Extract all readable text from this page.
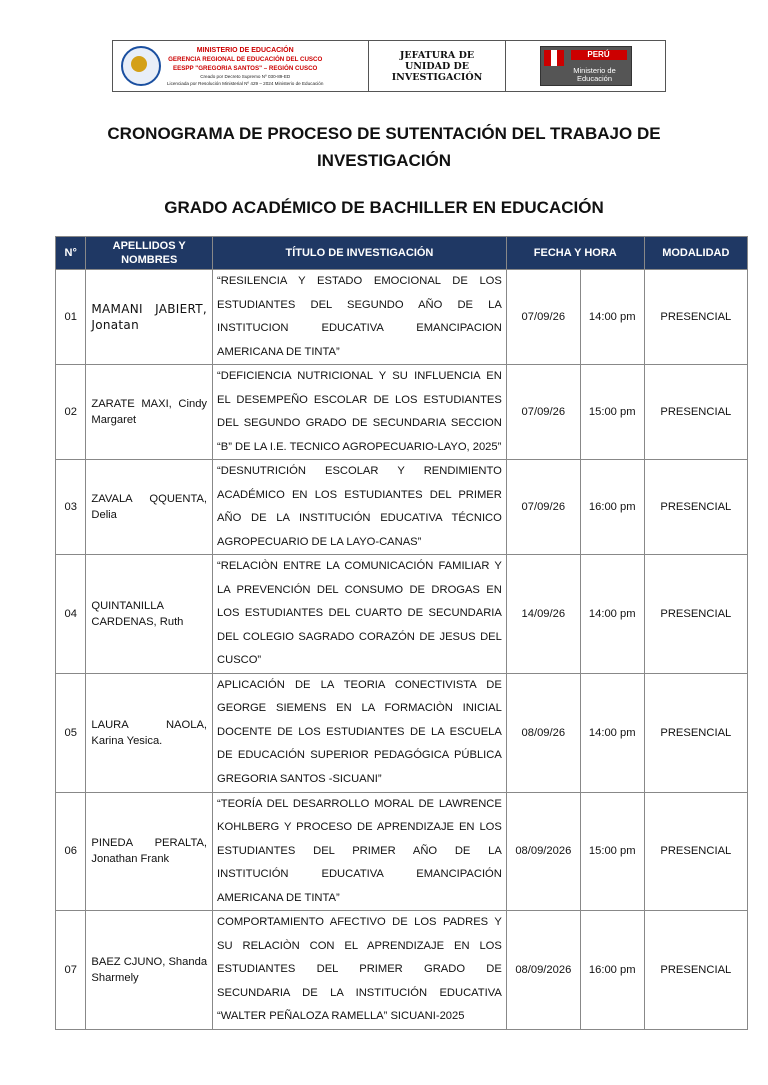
MINISTERIO DE EDUCACIÓN
GERENCIA REGIONAL DE EDUCACIÓN DEL CUSCO
EESPP "GREGORIA SANTOS" – REGIÓN CUSCO
Creado por Decreto Supremo Nº 030-89-ED
Licenciada por Resolución Ministerial Nº 429 – 2024 Ministerio de Educación
JEFATURA DE
UNIDAD DE
INVESTIGACIÓN
PERÚ
Ministerio de Educación
CRONOGRAMA DE PROCESO DE SUTENTACIÓN DEL TRABAJO DE
INVESTIGACIÓN
GRADO ACADÉMICO DE BACHILLER EN EDUCACIÓN
N°	APELLIDOS Y NOMBRES	TÍTULO DE INVESTIGACIÓN	FECHA Y HORA		MODALIDAD
01	MAMANI JABIERT, Jonatan	“RESILENCIA Y ESTADO EMOCIONAL DE LOS ESTUDIANTES DEL SEGUNDO AÑO DE LA INSTITUCION EDUCATIVA EMANCIPACION AMERICANA DE TINTA”	07/09/26	14:00 pm	PRESENCIAL
02	ZARATE MAXI, Cindy Margaret	“DEFICIENCIA NUTRICIONAL Y SU INFLUENCIA EN EL DESEMPEÑO ESCOLAR DE LOS ESTUDIANTES DEL SEGUNDO GRADO DE SECUNDARIA SECCION “B” DE LA I.E. TECNICO AGROPECUARIO-LAYO, 2025”	07/09/26	15:00 pm	PRESENCIAL
03	ZAVALA QQUENTA, Delia	“DESNUTRICIÓN ESCOLAR Y RENDIMIENTO ACADÉMICO EN LOS ESTUDIANTES DEL PRIMER AÑO DE LA INSTITUCIÓN EDUCATIVA TÉCNICO AGROPECUARIO DE LA LAYO-CANAS”	07/09/26	16:00 pm	PRESENCIAL
04	QUINTANILLA CARDENAS, Ruth	“RELACIÒN ENTRE LA COMUNICACIÓN FAMILIAR Y LA PREVENCIÓN DEL CONSUMO DE DROGAS EN LOS ESTUDIANTES DEL CUARTO DE SECUNDARIA DEL COLEGIO SAGRADO CORAZÓN DE JESUS DEL CUSCO”	14/09/26	14:00 pm	PRESENCIAL
05	LAURA NAOLA, Karina Yesica.	APLICACIÓN DE LA TEORIA CONECTIVISTA DE GEORGE SIEMENS EN LA FORMACIÒN INICIAL DOCENTE DE LOS ESTUDIANTES DE LA ESCUELA DE EDUCACIÓN SUPERIOR PEDAGÓGICA PÚBLICA GREGORIA SANTOS -SICUANI”	08/09/26	14:00 pm	PRESENCIAL
06	PINEDA PERALTA, Jonathan Frank	“TEORÍA DEL DESARROLLO MORAL DE LAWRENCE KOHLBERG Y PROCESO DE APRENDIZAJE EN LOS ESTUDIANTES DEL PRIMER AÑO DE LA INSTITUCIÓN EDUCATIVA EMANCIPACIÓN AMERICANA DE TINTA”	08/09/2026	15:00 pm	PRESENCIAL
07	BAEZ CJUNO, Shanda Sharmely	COMPORTAMIENTO AFECTIVO DE LOS PADRES Y SU RELACIÒN CON EL APRENDIZAJE EN LOS ESTUDIANTES DEL PRIMER GRADO DE SECUNDARIA DE LA INSTITUCIÓN EDUCATIVA “WALTER PEÑALOZA RAMELLA” SICUANI-2025	08/09/2026	16:00 pm	PRESENCIAL
